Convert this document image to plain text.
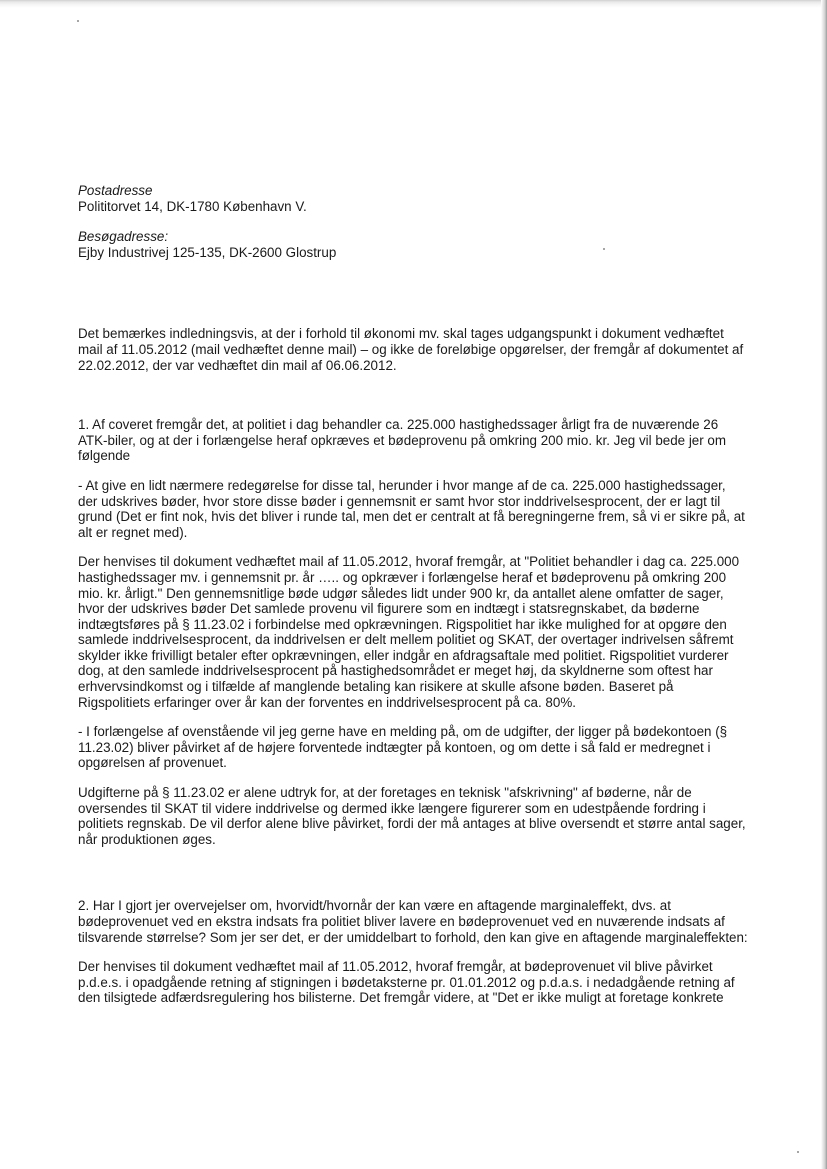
Postadresse
Polititorvet 14, DK-1780 København V.
Besøgadresse:
Ejby Industrivej 125-135, DK-2600 Glostrup

Det bemærkes indledningsvis, at der i forhold til økonomi mv. skal tages udgangspunkt i dokument vedhæftet mail af 11.05.2012 (mail vedhæftet denne mail) – og ikke de foreløbige opgørelser, der fremgår af dokumentet af 22.02.2012, der var vedhæftet din mail af 06.06.2012.

1. Af coveret fremgår det, at politiet i dag behandler ca. 225.000 hastighedssager årligt fra de nuværende 26 ATK-biler, og at der i forlængelse heraf opkræves et bødeprovenu på omkring 200 mio. kr. Jeg vil bede jer om følgende

- At give en lidt nærmere redegørelse for disse tal, herunder i hvor mange af de ca. 225.000 hastighedssager, der udskrives bøder, hvor store disse bøder i gennemsnit er samt hvor stor inddrivelsesprocent, der er lagt til grund (Det er fint nok, hvis det bliver i runde tal, men det er centralt at få beregningerne frem, så vi er sikre på, at alt er regnet med).

Der henvises til dokument vedhæftet mail af 11.05.2012, hvoraf fremgår, at "Politiet behandler i dag ca. 225.000 hastighedssager mv. i gennemsnit pr. år ….. og opkræver i forlængelse heraf et bødeprovenu på omkring 200 mio. kr. årligt." Den gennemsnitlige bøde udgør således lidt under 900 kr, da antallet alene omfatter de sager, hvor der udskrives bøder Det samlede provenu vil figurere som en indtægt i statsregnskabet, da bøderne indtægtsføres på § 11.23.02 i forbindelse med opkrævningen. Rigspolitiet har ikke mulighed for at opgøre den samlede inddrivelsesprocent, da inddrivelsen er delt mellem politiet og SKAT, der overtager indrivelsen såfremt skylder ikke frivilligt betaler efter opkrævningen, eller indgår en afdragsaftale med politiet. Rigspolitiet vurderer dog, at den samlede inddrivelsesprocent på hastighedsområdet er meget høj, da skyldnerne som oftest har erhvervsindkomst og i tilfælde af manglende betaling kan risikere at skulle afsone bøden. Baseret på Rigspolitiets erfaringer over år kan der forventes en inddrivelsesprocent på ca. 80%.

- I forlængelse af ovenstående vil jeg gerne have en melding på, om de udgifter, der ligger på bødekontoen (§ 11.23.02) bliver påvirket af de højere forventede indtægter på kontoen, og om dette i så fald er medregnet i opgørelsen af provenuet.

Udgifterne på § 11.23.02 er alene udtryk for, at der foretages en teknisk "afskrivning" af bøderne, når de oversendes til SKAT til videre inddrivelse og dermed ikke længere figurerer som en udestpående fordring i politiets regnskab. De vil derfor alene blive påvirket, fordi der må antages at blive oversendt et større antal sager, når produktionen øges.

2. Har I gjort jer overvejelser om, hvorvidt/hvornår der kan være en aftagende marginaleffekt, dvs. at bødeprovenuet ved en ekstra indsats fra politiet bliver lavere en bødeprovenuet ved en nuværende indsats af tilsvarende størrelse? Som jer ser det, er der umiddelbart to forhold, den kan give en aftagende marginaleffekten:

Der henvises til dokument vedhæftet mail af 11.05.2012, hvoraf fremgår, at bødeprovenuet vil blive påvirket p.d.e.s. i opadgående retning af stigningen i bødetaksterne pr. 01.01.2012 og p.d.a.s. i nedadgående retning af den tilsigtede adfærdsregulering hos bilisterne. Det fremgår videre, at "Det er ikke muligt at foretage konkrete
